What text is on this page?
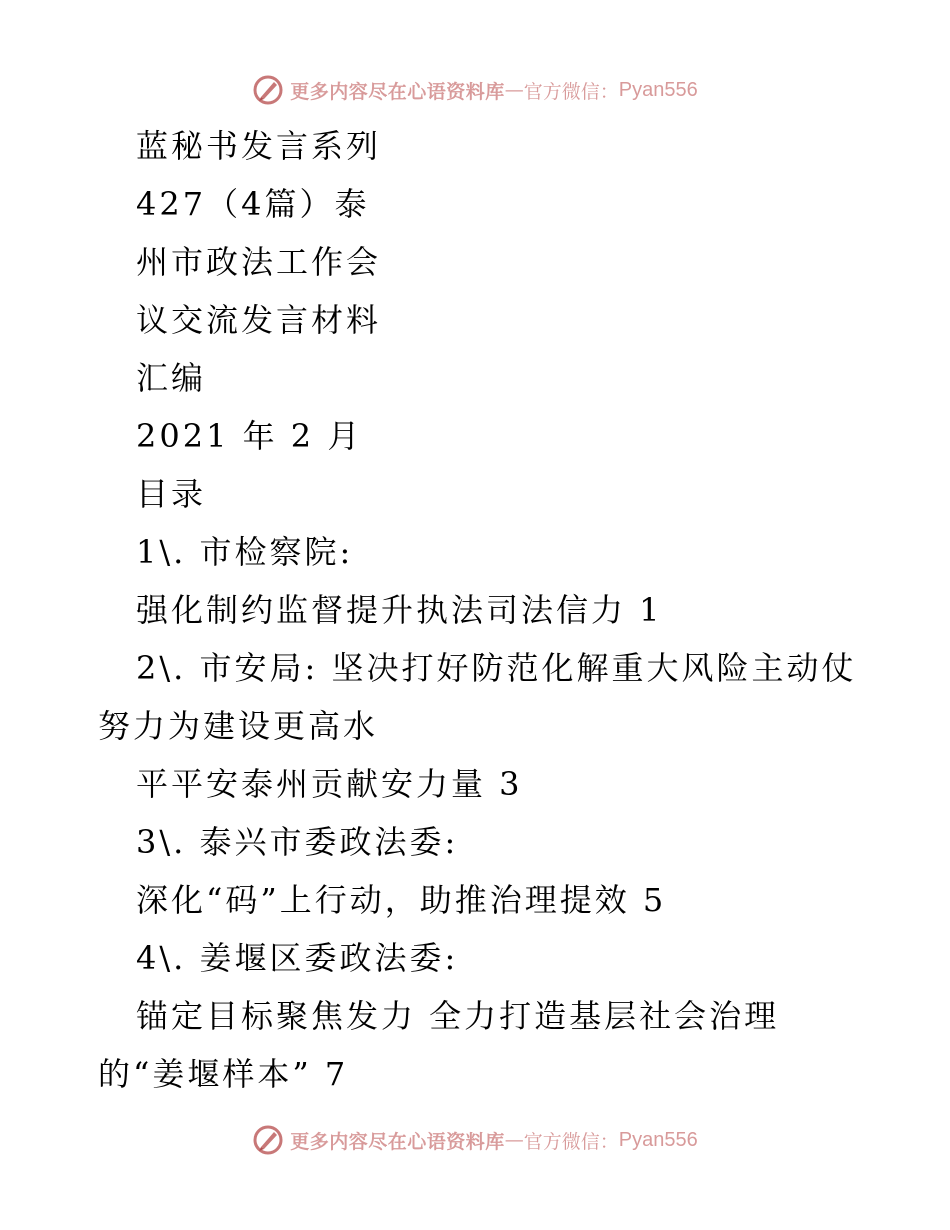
更多内容尽在心语资料库 — 官方微信： Pyan556
蓝秘书发言系列
427（4篇）泰
州市政法工作会
议交流发言材料
汇编
2021 年 2 月
目录
1\. 市检察院:
强化制约监督提升执法司法信力 1
2\. 市安局: 坚决打好防范化解重大风险主动仗
努力为建设更高水
平平安泰州贡献安力量 3
3\. 泰兴市委政法委:
深化“码”上行动，助推治理提效 5
4\. 姜堰区委政法委:
锚定目标聚焦发力 全力打造基层社会治理
的“姜堰样本” 7
更多内容尽在心语资料库 — 官方微信： Pyan556
